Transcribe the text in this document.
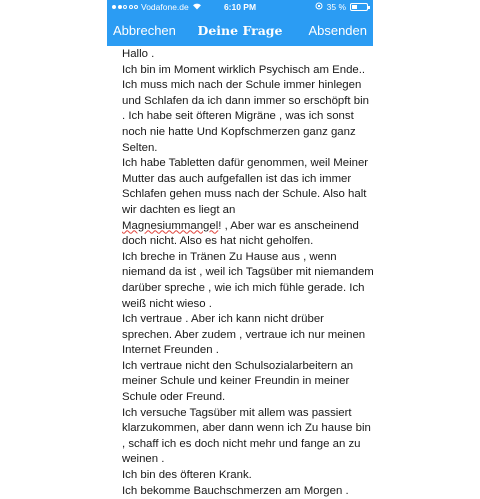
Vodafone.de	6:10 PM	35 %
Abbrechen	Deine Frage	Absenden

Hallo .

Ich bin im Moment wirklich Psychisch am Ende..

Ich muss mich nach der Schule immer hinlegen und Schlafen da ich dann immer so erschöpft bin . Ich habe seit öfteren Migräne , was ich sonst noch nie hatte Und Kopfschmerzen ganz ganz Selten.

Ich habe Tabletten dafür genommen, weil Meiner Mutter das auch aufgefallen ist das ich immer Schlafen gehen muss nach der Schule. Also halt wir dachten es liegt an

Magnesiummangel! , Aber war es anscheinend doch nicht. Also es hat nicht geholfen.

Ich breche in Tränen Zu Hause aus , wenn niemand da ist , weil ich Tagsüber mit niemandem darüber spreche , wie ich mich fühle gerade. Ich weiß nicht wieso .

Ich vertraue . Aber ich kann nicht drüber sprechen. Aber zudem , vertraue ich nur meinen Internet Freunden .

Ich vertraue nicht den Schulsozialarbeitern an meiner Schule und keiner Freundin in meiner Schule oder Freund.

Ich versuche Tagsüber mit allem was passiert klarzukommen, aber dann wenn ich Zu hause bin , schaff ich es doch nicht mehr und fange an zu weinen .

Ich bin des öfteren Krank.

Ich bekomme Bauchschmerzen am Morgen .
